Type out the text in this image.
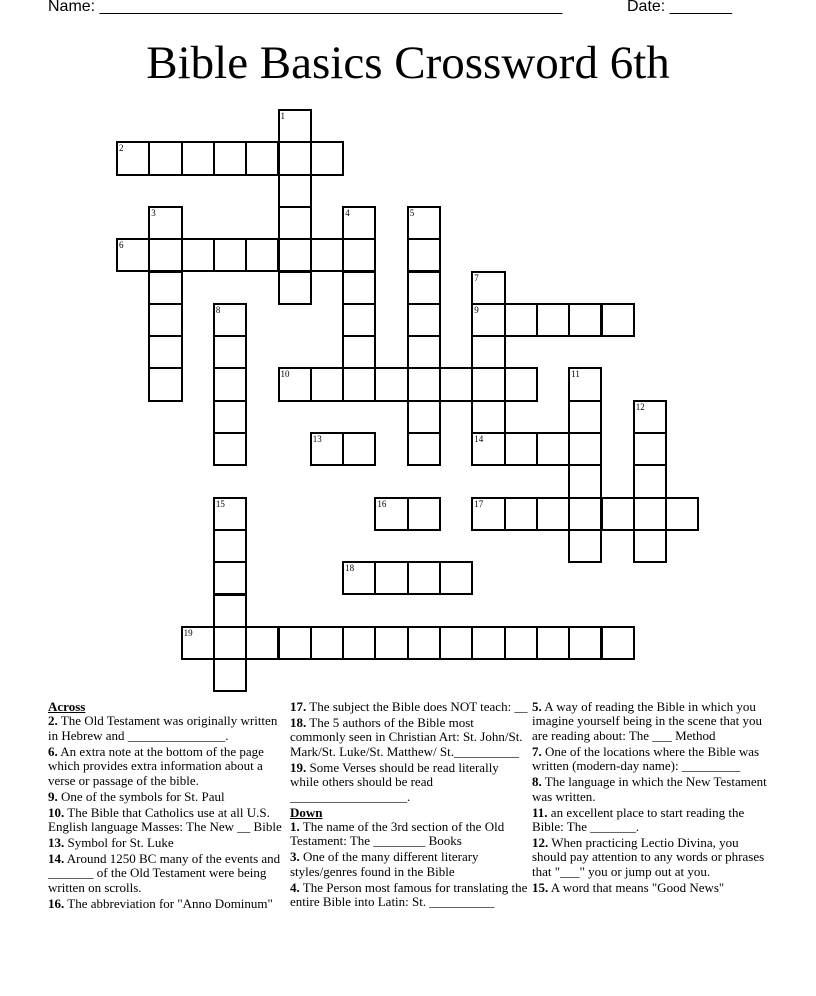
Name: ____________________________________________________	Date: _______
Bible Basics Crossword 6th
1
2
3	4	5
6
7
9
14
8
10	11
12
13
15	16	17
18
19
Across
2. The Old Testament was originally written in Hebrew and _______________.
6. An extra note at the bottom of the page which provides extra information about a verse or passage of the bible.
9. One of the symbols for St. Paul
10. The Bible that Catholics use at all U.S. English language Masses: The New __ Bible
13. Symbol for St. Luke
14. Around 1250 BC many of the events and _______ of the Old Testament were being written on scrolls.
16. The abbreviation for "Anno Dominum"
17. The subject the Bible does NOT teach: __
18. The 5 authors of the Bible most commonly seen in Christian Art: St. John/St. Mark/St. Luke/St. Matthew/ St.__________
19. Some Verses should be read literally while others should be read __________________.
Down
1. The name of the 3rd section of the Old Testament: The ________ Books
3. One of the many different literary styles/genres found in the Bible
4. The Person most famous for translating the entire Bible into Latin: St. __________
5. A way of reading the Bible in which you imagine yourself being in the scene that you are reading about: The ___ Method
7. One of the locations where the Bible was written (modern-day name): _________
8. The language in which the New Testament was written.
11. an excellent place to start reading the Bible: The _______.
12. When practicing Lectio Divina, you should pay attention to any words or phrases that "___" you or jump out at you.
15. A word that means "Good News"
